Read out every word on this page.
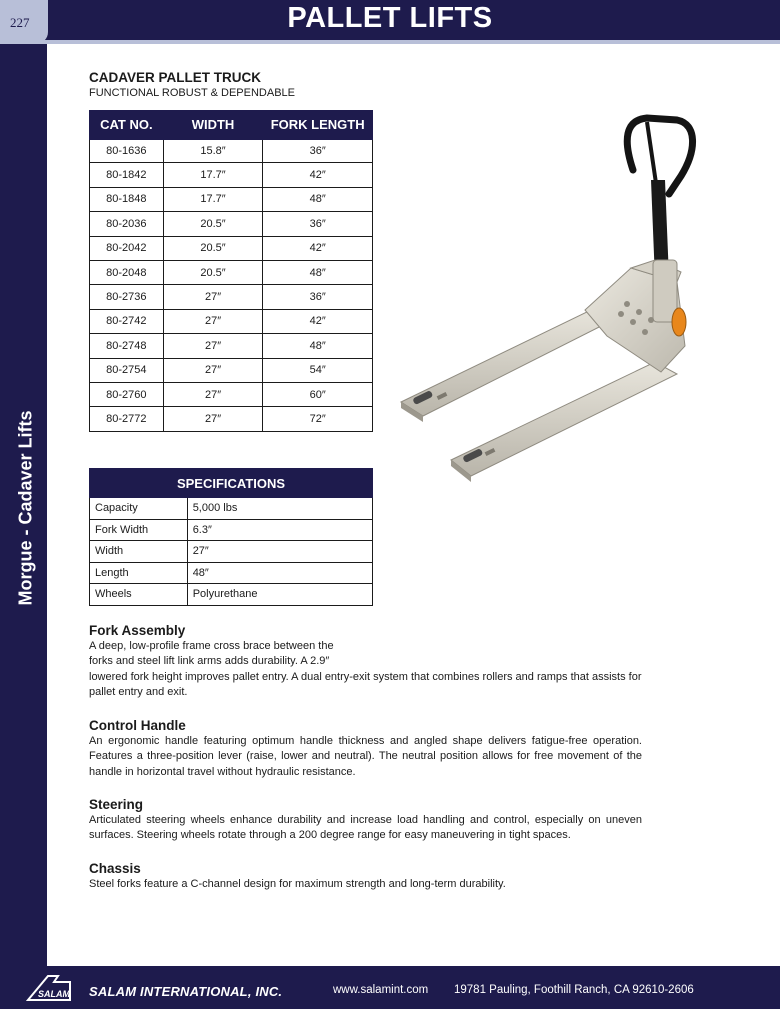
227	PALLET LIFTS
Morgue - Cadaver Lifts
CADAVER PALLET TRUCK
FUNCTIONAL ROBUST & DEPENDABLE
CAT NO.	WIDTH	FORK LENGTH
80-1636	15.8″	36″
80-1842	17.7″	42″
80-1848	17.7″	48″
80-2036	20.5″	36″
80-2042	20.5″	42″
80-2048	20.5″	48″
80-2736	27″	36″
80-2742	27″	42″
80-2748	27″	48″
80-2754	27″	54″
80-2760	27″	60″
80-2772	27″	72″
SPECIFICATIONS	
Capacity	5,000 lbs
Fork Width	6.3″
Width	27″
Length	48″
Wheels	Polyurethane
Fork Assembly

A deep, low-profile frame cross brace between the

forks and steel lift link arms adds durability. A 2.9″

lowered fork height improves pallet entry. A dual entry-exit system that combines rollers and ramps that assists for pallet entry and exit.

Control Handle

An ergonomic handle featuring optimum handle thickness and angled shape delivers fatigue-free operation. Features a three-position lever (raise, lower and neutral). The neutral position allows for free movement of the handle in horizontal travel without hydraulic resistance.

Steering

Articulated steering wheels enhance durability and increase load handling and control, especially on uneven surfaces. Steering wheels rotate through a 200 degree range for easy maneuvering in tight spaces.

Chassis

Steel forks feature a C-channel design for maximum strength and long-term durability.

SALAM SALAM INTERNATIONAL, INC.	www.salamint.com 19781 Pauling, Foothill Ranch, CA 92610-2606
